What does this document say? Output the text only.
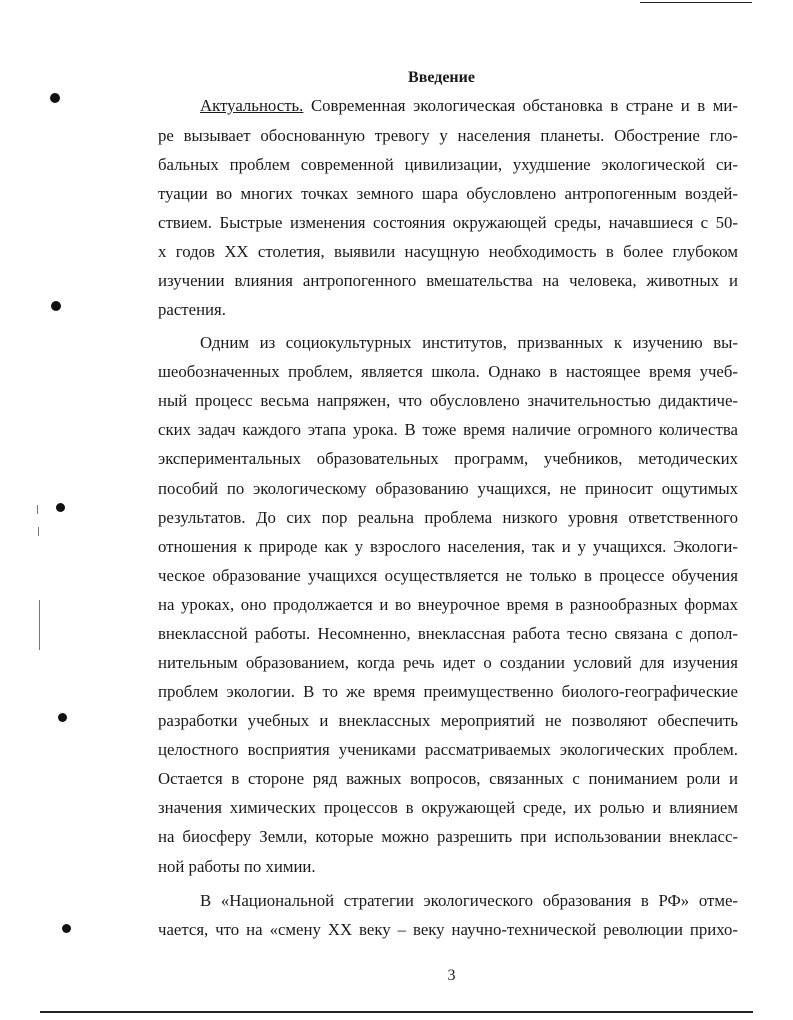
Введение
Актуальность. Современная экологическая обстановка в стране и в ми-
ре вызывает обоснованную тревогу у населения планеты. Обострение гло-
бальных проблем современной цивилизации, ухудшение экологической си-
туации во многих точках земного шара обусловлено антропогенным воздей-
ствием. Быстрые изменения состояния окружающей среды, начавшиеся с 50-
х годов XX столетия, выявили насущную необходимость в более глубоком
изучении влияния антропогенного вмешательства на человека, животных и
растения.
Одним из социокультурных институтов, призванных к изучению вы-
шеобозначенных проблем, является школа. Однако в настоящее время учеб-
ный процесс весьма напряжен, что обусловлено значительностью дидактиче-
ских задач каждого этапа урока. В тоже время наличие огромного количества
экспериментальных образовательных программ, учебников, методических
пособий по экологическому образованию учащихся, не приносит ощутимых
результатов. До сих пор реальна проблема низкого уровня ответственного
отношения к природе как у взрослого населения, так и у учащихся. Экологи-
ческое образование учащихся осуществляется не только в процессе обучения
на уроках, оно продолжается и во внеурочное время в разнообразных формах
внеклассной работы. Несомненно, внеклассная работа тесно связана с допол-
нительным образованием, когда речь идет о создании условий для изучения
проблем экологии. В то же время преимущественно биолого-географические
разработки учебных и внеклассных мероприятий не позволяют обеспечить
целостного восприятия учениками рассматриваемых экологических проблем.
Остается в стороне ряд важных вопросов, связанных с пониманием роли и
значения химических процессов в окружающей среде, их ролью и влиянием
на биосферу Земли, которые можно разрешить при использовании внекласс-
ной работы по химии.
В «Национальной стратегии экологического образования в РФ» отме-
чается, что на «смену XX веку – веку научно-технической революции прихо-
3
